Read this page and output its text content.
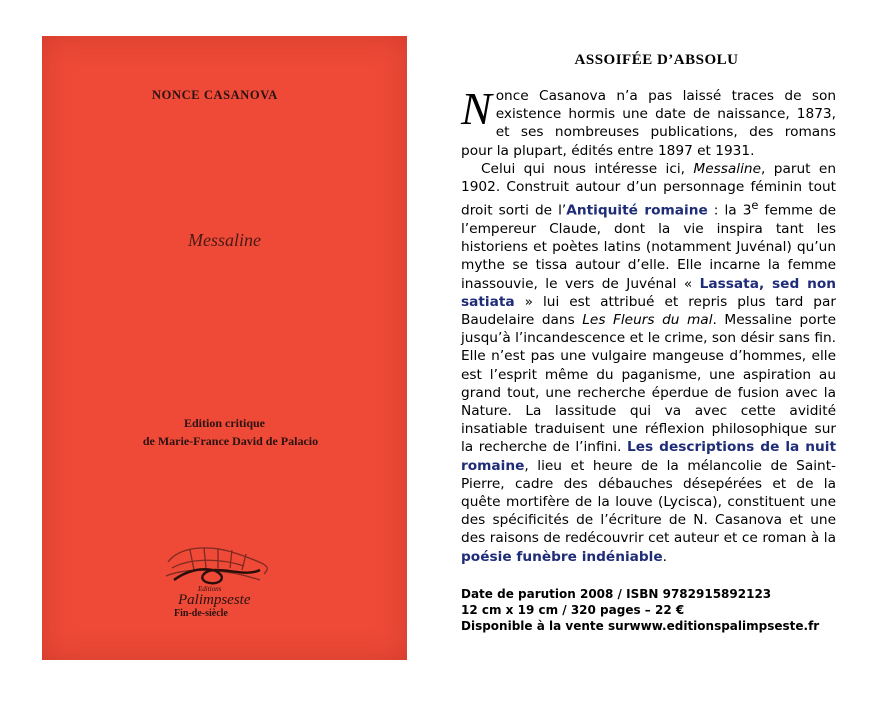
NONCE CASANOVA
Messaline
Edition critique
de Marie-France David de Palacio
Editions
Palimpseste
Fin-de-siècle
ASSOIFÉE D’ABSOLU

Nonce Casanova n’a pas laissé traces de son existence hormis une date de naissance, 1873, et ses nombreuses publications, des romans pour la plupart, édités entre 1897 et 1931.

Celui qui nous intéresse ici, Messaline, parut en 1902. Construit autour d’un personnage féminin tout droit sorti de l’Antiquité romaine : la 3e femme de l’empereur Claude, dont la vie inspira tant les historiens et poètes latins (notamment Juvénal) qu’un mythe se tissa autour d’elle. Elle incarne la femme inassouvie, le vers de Juvénal « Lassata, sed non satiata » lui est attribué et repris plus tard par Baudelaire dans Les Fleurs du mal. Messaline porte jusqu’à l’incandescence et le crime, son désir sans fin. Elle n’est pas une vulgaire mangeuse d’hommes, elle est l’esprit même du paganisme, une aspiration au grand tout, une recherche éperdue de fusion avec la Nature. La lassitude qui va avec cette avidité insatiable traduisent une réflexion philosophique sur la recherche de l’infini. Les descriptions de la nuit romaine, lieu et heure de la mélancolie de Saint-Pierre, cadre des débauches désepérées et de la quête mortifère de la louve (Lycisca), constituent une des spécificités de l’écriture de N. Casanova et une des raisons de redécouvrir cet auteur et ce roman à la poésie funèbre indéniable.

Date de parution 2008 / ISBN 9782915892123
12 cm x 19 cm / 320 pages – 22 €
Disponible à la vente surwww.editionspalimpseste.fr
